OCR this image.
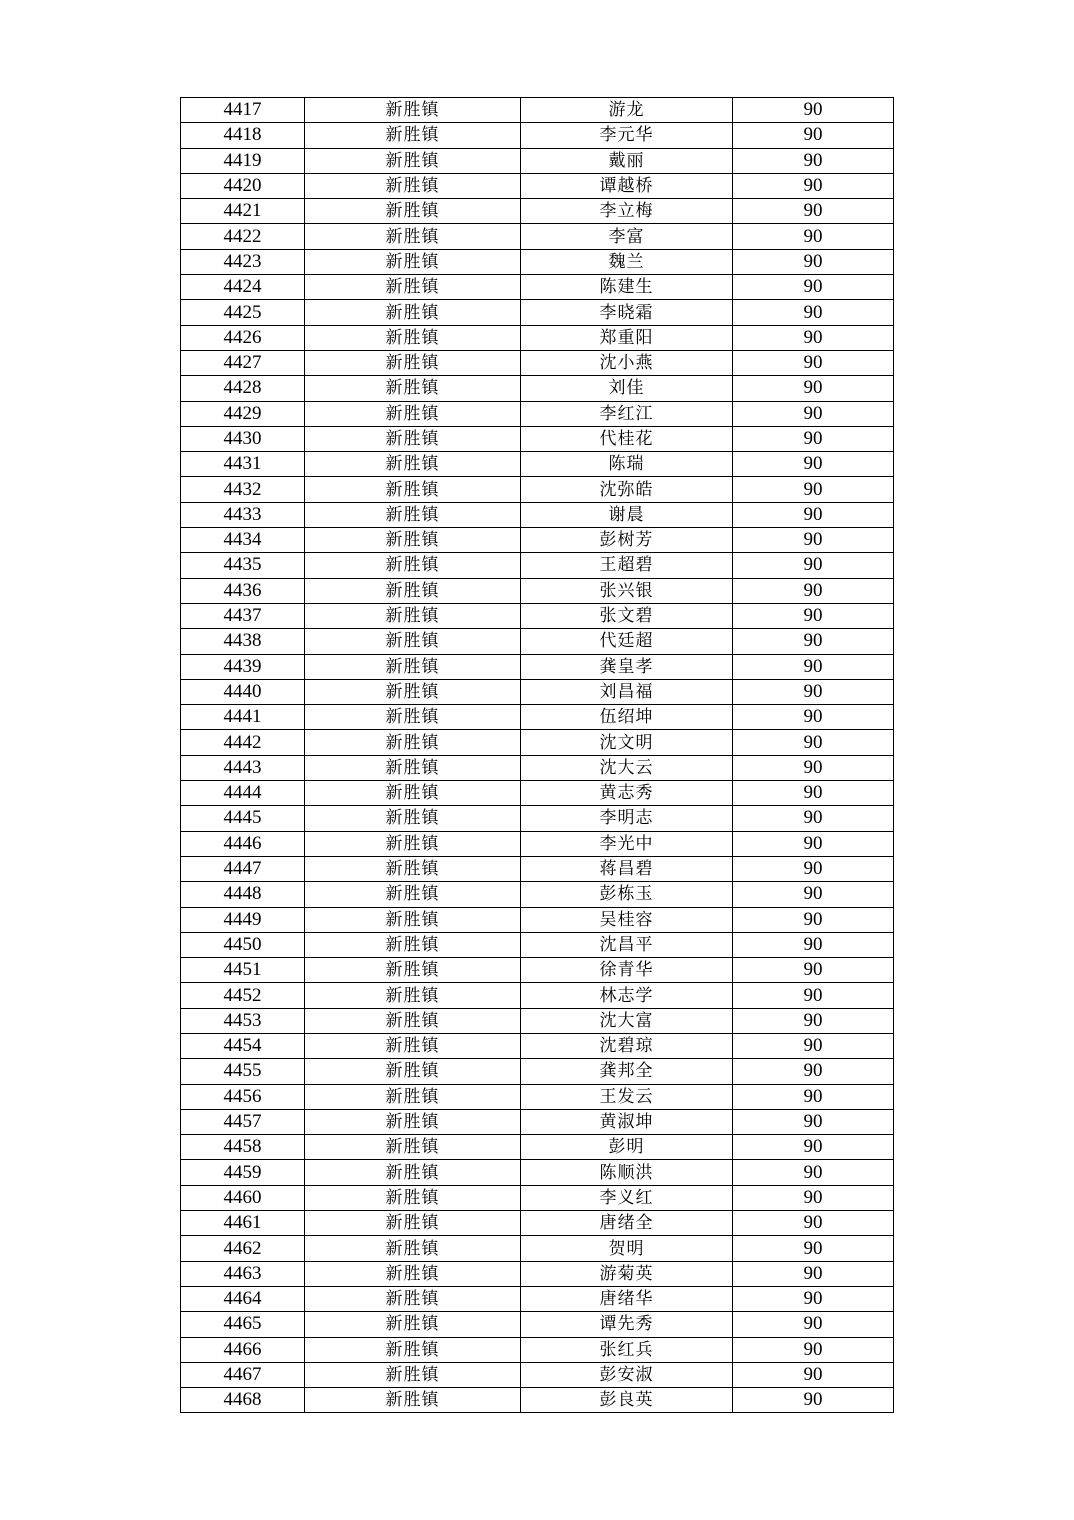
4417	新胜镇	游龙	90
4418	新胜镇	李元华	90
4419	新胜镇	戴丽	90
4420	新胜镇	谭越桥	90
4421	新胜镇	李立梅	90
4422	新胜镇	李富	90
4423	新胜镇	魏兰	90
4424	新胜镇	陈建生	90
4425	新胜镇	李晓霜	90
4426	新胜镇	郑重阳	90
4427	新胜镇	沈小燕	90
4428	新胜镇	刘佳	90
4429	新胜镇	李红江	90
4430	新胜镇	代桂花	90
4431	新胜镇	陈瑞	90
4432	新胜镇	沈弥皓	90
4433	新胜镇	谢晨	90
4434	新胜镇	彭树芳	90
4435	新胜镇	王超碧	90
4436	新胜镇	张兴银	90
4437	新胜镇	张文碧	90
4438	新胜镇	代廷超	90
4439	新胜镇	龚皇孝	90
4440	新胜镇	刘昌福	90
4441	新胜镇	伍绍坤	90
4442	新胜镇	沈文明	90
4443	新胜镇	沈大云	90
4444	新胜镇	黄志秀	90
4445	新胜镇	李明志	90
4446	新胜镇	李光中	90
4447	新胜镇	蒋昌碧	90
4448	新胜镇	彭栋玉	90
4449	新胜镇	吴桂容	90
4450	新胜镇	沈昌平	90
4451	新胜镇	徐青华	90
4452	新胜镇	林志学	90
4453	新胜镇	沈大富	90
4454	新胜镇	沈碧琼	90
4455	新胜镇	龚邦全	90
4456	新胜镇	王发云	90
4457	新胜镇	黄淑坤	90
4458	新胜镇	彭明	90
4459	新胜镇	陈顺洪	90
4460	新胜镇	李义红	90
4461	新胜镇	唐绪全	90
4462	新胜镇	贺明	90
4463	新胜镇	游菊英	90
4464	新胜镇	唐绪华	90
4465	新胜镇	谭先秀	90
4466	新胜镇	张红兵	90
4467	新胜镇	彭安淑	90
4468	新胜镇	彭良英	90
